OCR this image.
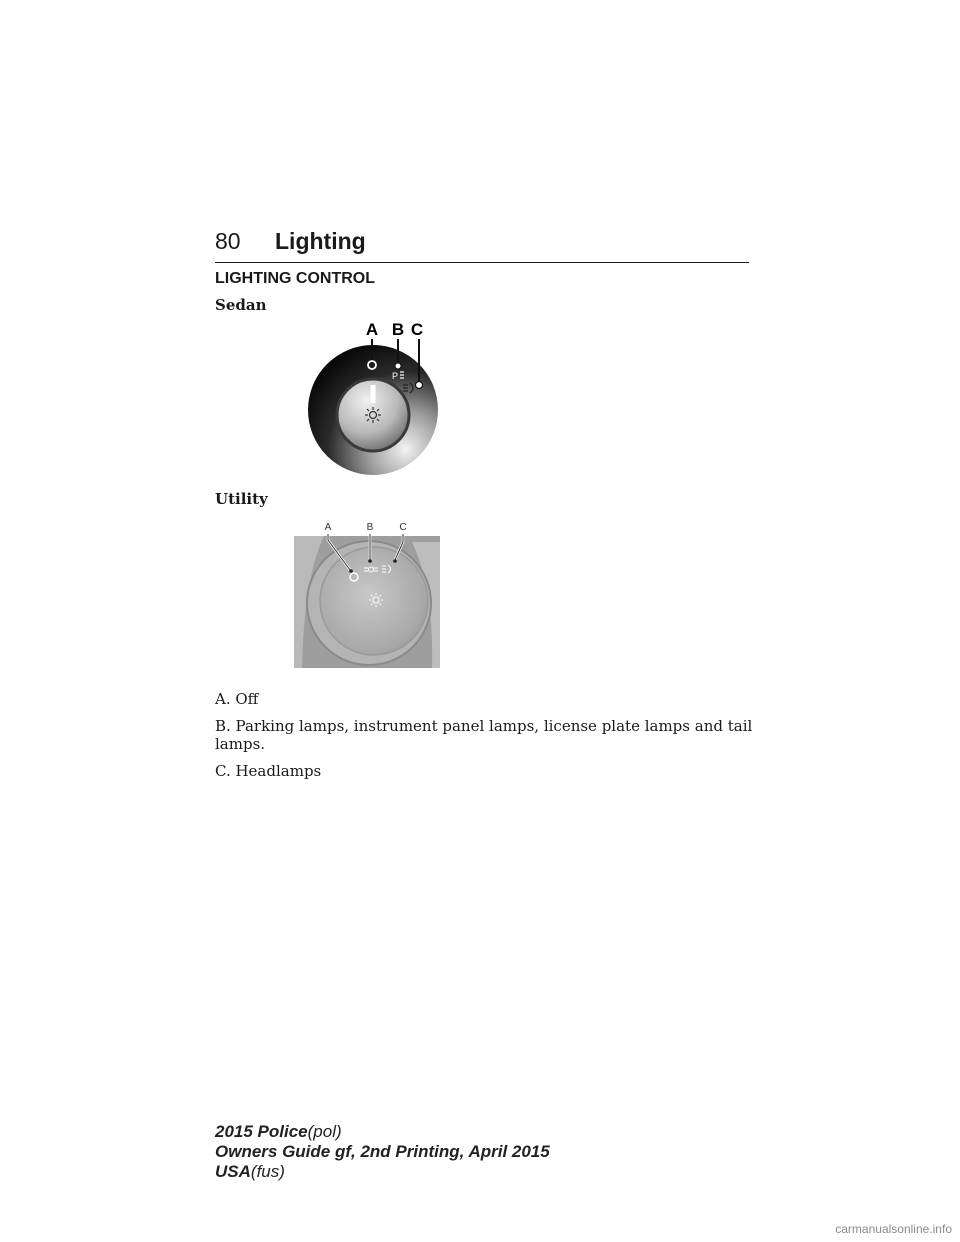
80 Lighting
LIGHTING CONTROL
Sedan
A B C
P
Utility
A	B	C
A. Off
B. Parking lamps, instrument panel lamps, license plate lamps and tail lamps.
C. Headlamps
2015 Police(pol)
Owners Guide gf, 2nd Printing, April 2015
USA(fus)
carmanualsonline.info
